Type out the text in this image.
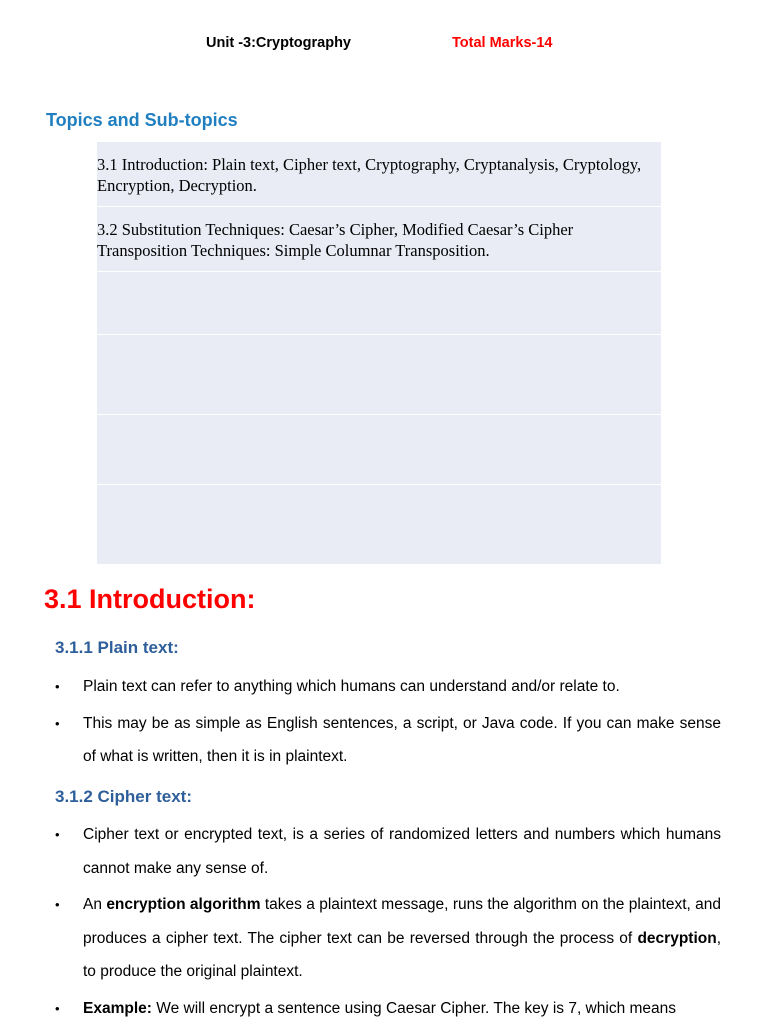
Unit -3:Cryptography	Total Marks-14
Topics and Sub-topics
3.1 Introduction: Plain text, Cipher text, Cryptography, Cryptanalysis, Cryptology, Encryption, Decryption.
3.2 Substitution Techniques: Caesar’s Cipher, Modified Caesar’s Cipher Transposition Techniques: Simple Columnar Transposition.
3.1 Introduction:
3.1.1 Plain text:
• Plain text can refer to anything which humans can understand and/or relate to.
• This may be as simple as English sentences, a script, or Java code. If you can make sense of what is written, then it is in plaintext.
3.1.2 Cipher text:
• Cipher text or encrypted text, is a series of randomized letters and numbers which humans cannot make any sense of.
• An encryption algorithm takes a plaintext message, runs the algorithm on the plaintext, and produces a cipher text. The cipher text can be reversed through the process of decryption, to produce the original plaintext.
• Example: We will encrypt a sentence using Caesar Cipher. The key is 7, which means
